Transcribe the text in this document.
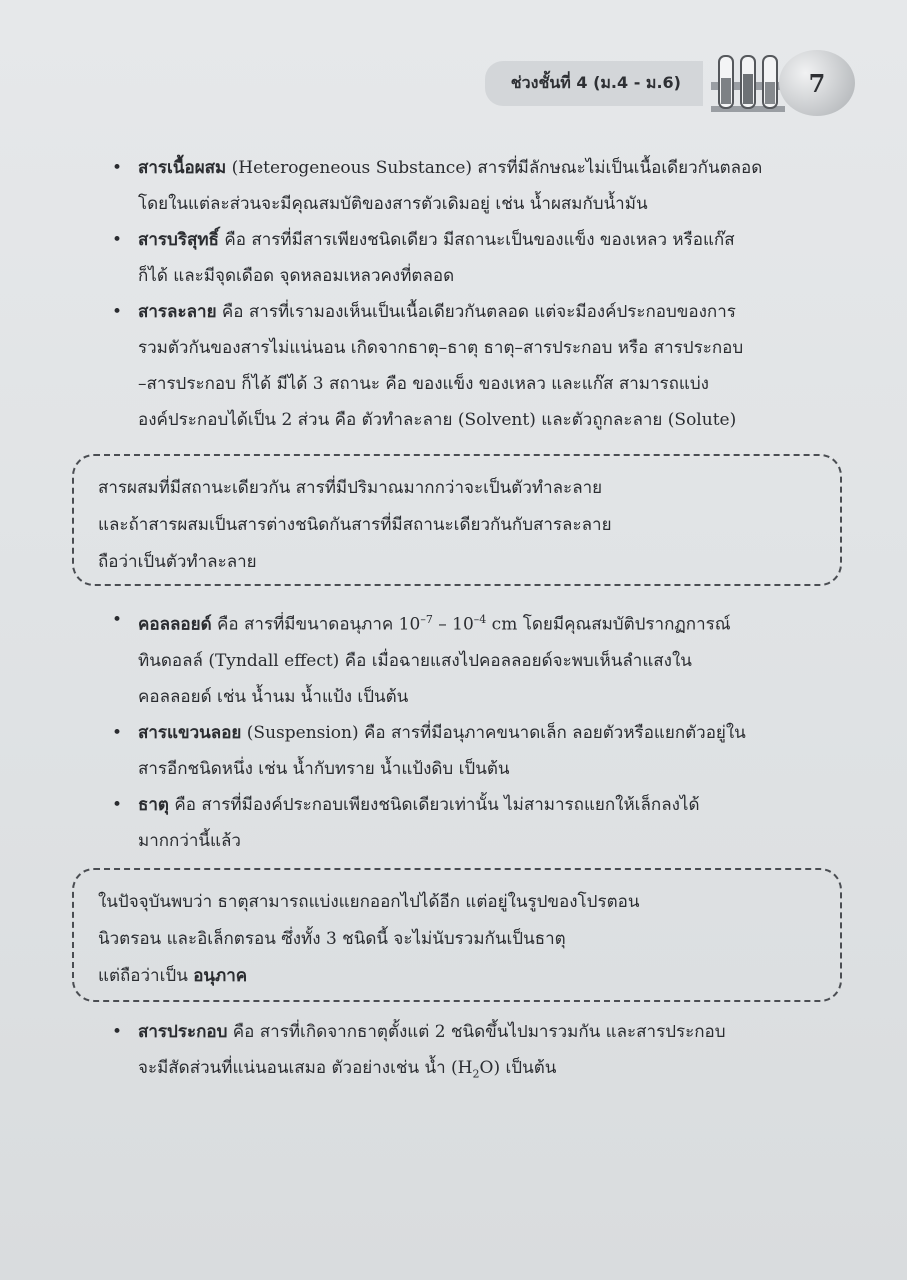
ช่วงชั้นที่ 4 (ม.4 - ม.6)	7
• สารเนื้อผสม (Heterogeneous Substance) สารที่มีลักษณะไม่เป็นเนื้อเดียวกันตลอด
โดยในแต่ละส่วนจะมีคุณสมบัติของสารตัวเดิมอยู่ เช่น น้ำผสมกับน้ำมัน
• สารบริสุทธิ์ คือ สารที่มีสารเพียงชนิดเดียว มีสถานะเป็นของแข็ง ของเหลว หรือแก๊ส
ก็ได้ และมีจุดเดือด จุดหลอมเหลวคงที่ตลอด
• สารละลาย คือ สารที่เรามองเห็นเป็นเนื้อเดียวกันตลอด แต่จะมีองค์ประกอบของการ
รวมตัวกันของสารไม่แน่นอน เกิดจากธาตุ–ธาตุ ธาตุ–สารประกอบ หรือ สารประกอบ
–สารประกอบ ก็ได้ มีได้ 3 สถานะ คือ ของแข็ง ของเหลว และแก๊ส สามารถแบ่ง
องค์ประกอบได้เป็น 2 ส่วน คือ ตัวทำละลาย (Solvent) และตัวถูกละลาย (Solute)
สารผสมที่มีสถานะเดียวกัน สารที่มีปริมาณมากกว่าจะเป็นตัวทำละลาย
และถ้าสารผสมเป็นสารต่างชนิดกันสารที่มีสถานะเดียวกันกับสารละลาย
ถือว่าเป็นตัวทำละลาย
• คอลลอยด์ คือ สารที่มีขนาดอนุภาค $10^{-7} - 10^{-4}$ cm โดยมีคุณสมบัติปรากฏการณ์
ทินดอลล์ (Tyndall effect) คือ เมื่อฉายแสงไปคอลลอยด์จะพบเห็นลำแสงใน
คอลลอยด์ เช่น น้ำนม น้ำแป้ง เป็นต้น
• สารแขวนลอย (Suspension) คือ สารที่มีอนุภาคขนาดเล็ก ลอยตัวหรือแยกตัวอยู่ใน
สารอีกชนิดหนึ่ง เช่น น้ำกับทราย น้ำแป้งดิบ เป็นต้น
• ธาตุ คือ สารที่มีองค์ประกอบเพียงชนิดเดียวเท่านั้น ไม่สามารถแยกให้เล็กลงได้
มากกว่านี้แล้ว
ในปัจจุบันพบว่า ธาตุสามารถแบ่งแยกออกไปได้อีก แต่อยู่ในรูปของโปรตอน
นิวตรอน และอิเล็กตรอน ซึ่งทั้ง 3 ชนิดนี้ จะไม่นับรวมกันเป็นธาตุ
แต่ถือว่าเป็น อนุภาค
• สารประกอบ คือ สารที่เกิดจากธาตุตั้งแต่ 2 ชนิดขึ้นไปมารวมกัน และสารประกอบ
จะมีสัดส่วนที่แน่นอนเสมอ ตัวอย่างเช่น น้ำ $(H_2O)$ เป็นต้น
